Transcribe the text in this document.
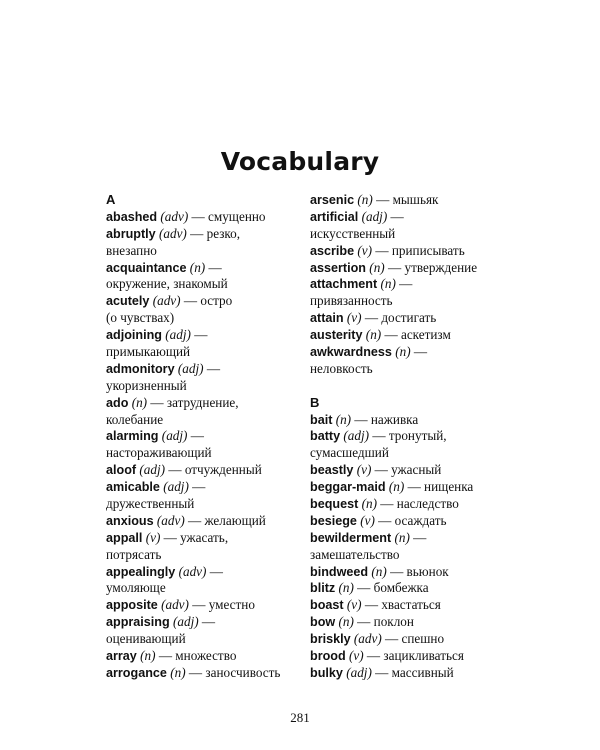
Vocabulary
A
abashed (adv) — смущенно
abruptly (adv) — резко,
внезапно
acquaintance (n) —
окружение, знакомый
acutely (adv) — остро
(о чувствах)
adjoining (adj) —
примыкающий
admonitory (adj) —
укоризненный
ado (n) — затруднение,
колебание
alarming (adj) —
настораживающий
aloof (adj) — отчужденный
amicable (adj) —
дружественный
anxious (adv) — желающий
appall (v) — ужасать,
потрясать
appealingly (adv) —
умоляюще
apposite (adv) — уместно
appraising (adj) —
оценивающий
array (n) — множество
arrogance (n) — заносчивость
arsenic (n) — мышьяк
artificial (adj) —
искусственный
ascribe (v) — приписывать
assertion (n) — утверждение
attachment (n) —
привязанность
attain (v) — достигать
austerity (n) — аскетизм
awkwardness (n) —
неловкость
B
bait (n) — наживка
batty (adj) — тронутый,
сумасшедший
beastly (v) — ужасный
beggar-maid (n) — нищенка
bequest (n) — наследство
besiege (v) — осаждать
bewilderment (n) —
замешательство
bindweed (n) — вьюнок
blitz (n) — бомбежка
boast (v) — хвастаться
bow (n) — поклон
briskly (adv) — спешно
brood (v) — зацикливаться
bulky (adj) — массивный
281
